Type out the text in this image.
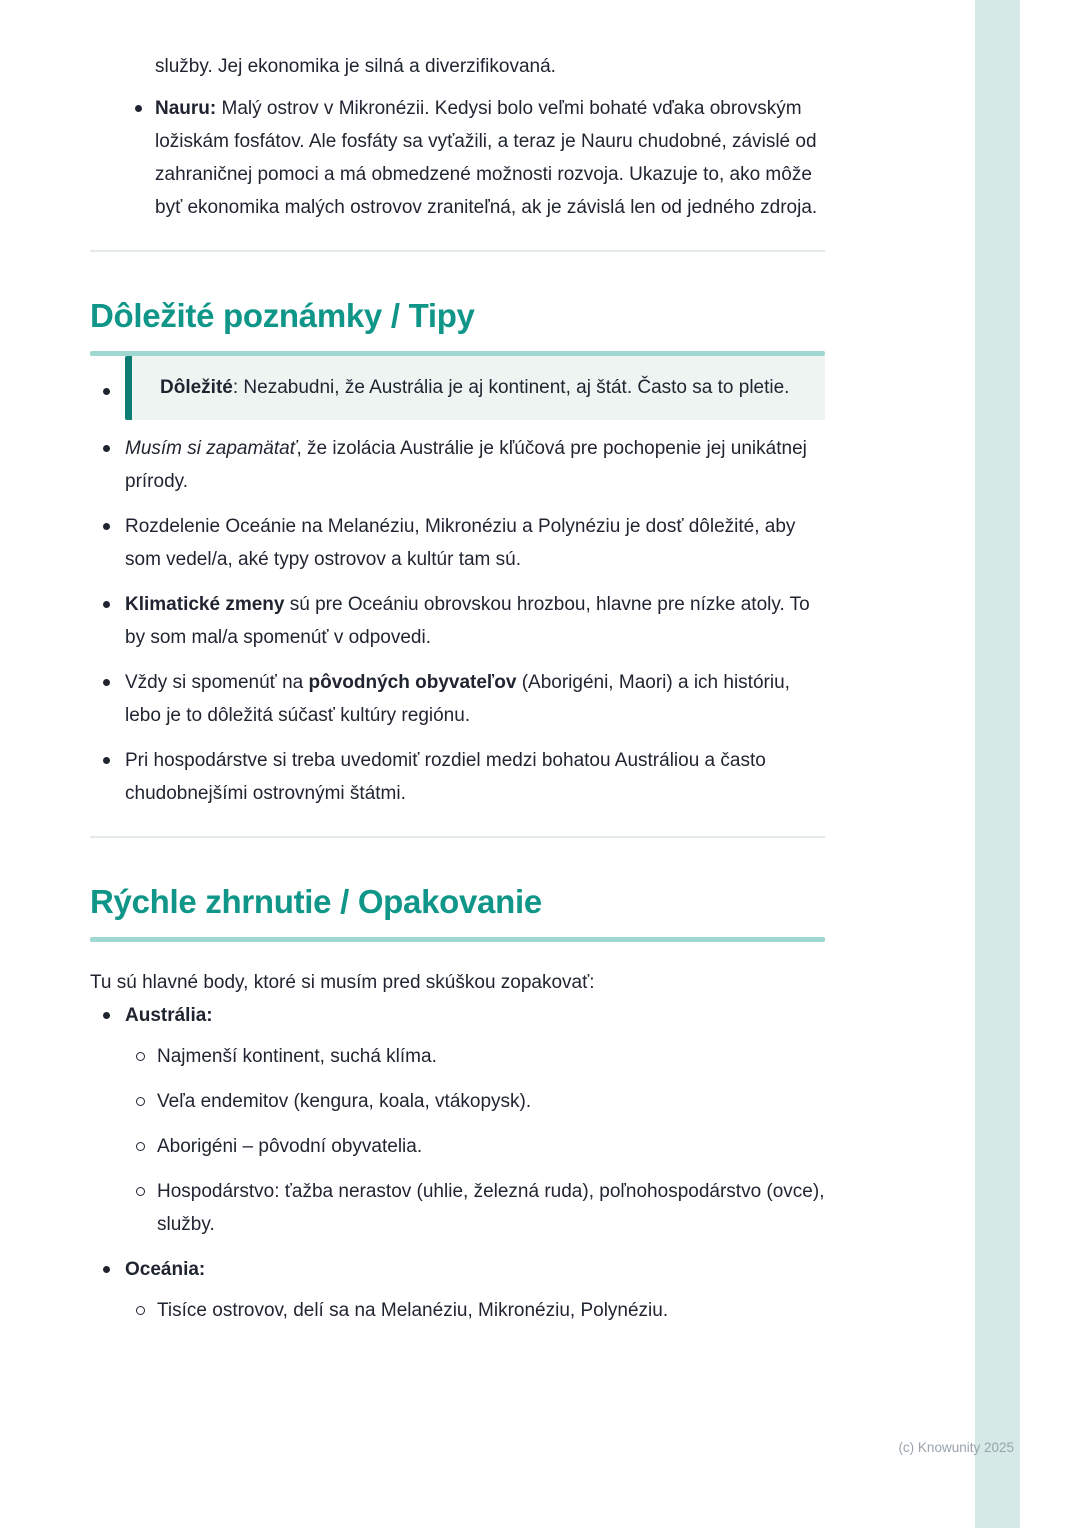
služby. Jej ekonomika je silná a diverzifikovaná.
Nauru: Malý ostrov v Mikronézii. Kedysi bolo veľmi bohaté vďaka obrovským ložiskám fosfátov. Ale fosfáty sa vyťažili, a teraz je Nauru chudobné, závislé od zahraničnej pomoci a má obmedzené možnosti rozvoja. Ukazuje to, ako môže byť ekonomika malých ostrovov zraniteľná, ak je závislá len od jedného zdroja.
Dôležité poznámky / Tipy
Dôležité: Nezabudni, že Austrália je aj kontinent, aj štát. Často sa to pletie.
Musím si zapamätať, že izolácia Austrálie je kľúčová pre pochopenie jej unikátnej prírody.
Rozdelenie Oceánie na Melanéziu, Mikronéziu a Polynéziu je dosť dôležité, aby som vedel/a, aké typy ostrovov a kultúr tam sú.
Klimatické zmeny sú pre Oceániu obrovskou hrozbou, hlavne pre nízke atoly. To by som mal/a spomenúť v odpovedi.
Vždy si spomenúť na pôvodných obyvateľov (Aborigéni, Maori) a ich históriu, lebo je to dôležitá súčasť kultúry regiónu.
Pri hospodárstve si treba uvedomiť rozdiel medzi bohatou Austráliou a často chudobnejšími ostrovnými štátmi.
Rýchle zhrnutie / Opakovanie

Tu sú hlavné body, ktoré si musím pred skúškou zopakovať:

Austrália:
Najmenší kontinent, suchá klíma.
Veľa endemitov (kengura, koala, vtákopysk).
Aborigéni – pôvodní obyvatelia.
Hospodárstvo: ťažba nerastov (uhlie, železná ruda), poľnohospodárstvo (ovce), služby.
Oceánia:
Tisíce ostrovov, delí sa na Melanéziu, Mikronéziu, Polynéziu.
(c) Knowunity 2025
